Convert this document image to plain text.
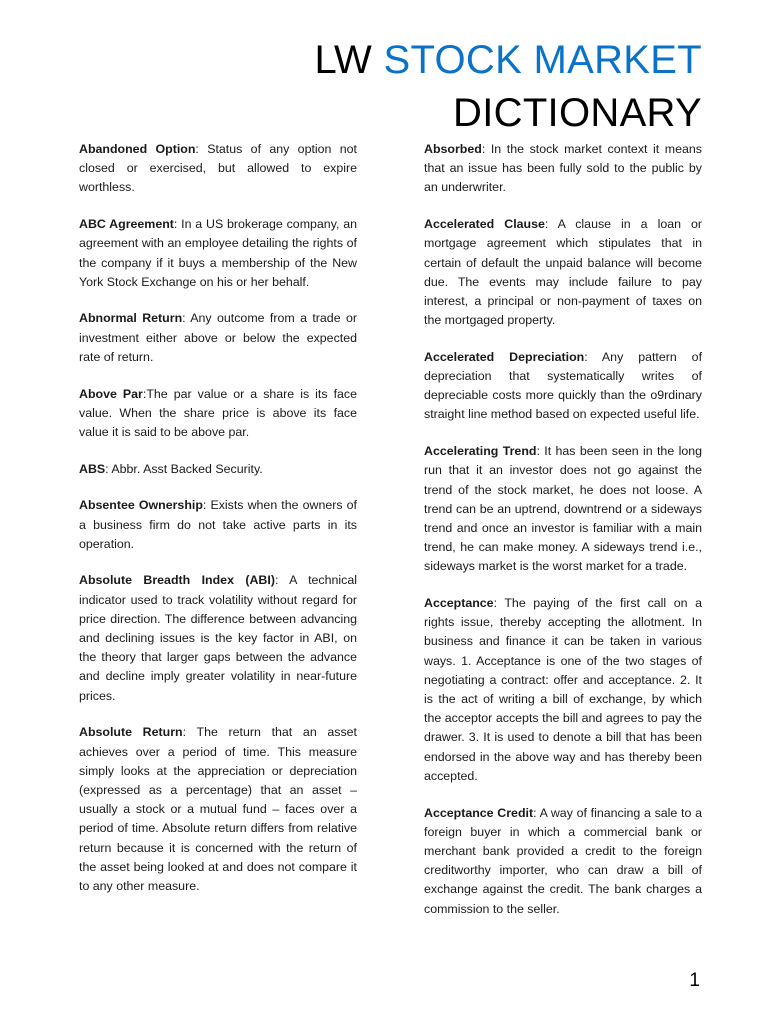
LW STOCK MARKET
DICTIONARY

Abandoned Option: Status of any option not closed or exercised, but allowed to expire worthless.

ABC Agreement: In a US brokerage company, an agreement with an employee detailing the rights of the company if it buys a membership of the New York Stock Exchange on his or her behalf.

Abnormal Return: Any outcome from a trade or investment either above or below the expected rate of return.

Above Par:The par value or a share is its face value. When the share price is above its face value it is said to be above par.

ABS: Abbr. Asst Backed Security.

Absentee Ownership: Exists when the owners of a business firm do not take active parts in its operation.

Absolute Breadth Index (ABI): A technical indicator used to track volatility without regard for price direction. The difference between advancing and declining issues is the key factor in ABI, on the theory that larger gaps between the advance and decline imply greater volatility in near-future prices.

Absolute Return: The return that an asset achieves over a period of time. This measure simply looks at the appreciation or depreciation (expressed as a percentage) that an asset – usually a stock or a mutual fund – faces over a period of time. Absolute return differs from relative return because it is concerned with the return of the asset being looked at and does not compare it to any other measure.

Absorbed: In the stock market context it means that an issue has been fully sold to the public by an underwriter.

Accelerated Clause: A clause in a loan or mortgage agreement which stipulates that in certain of default the unpaid balance will become due. The events may include failure to pay interest, a principal or non-payment of taxes on the mortgaged property.

Accelerated Depreciation: Any pattern of depreciation that systematically writes of depreciable costs more quickly than the o9rdinary straight line method based on expected useful life.

Accelerating Trend: It has been seen in the long run that it an investor does not go against the trend of the stock market, he does not loose. A trend can be an uptrend, downtrend or a sideways trend and once an investor is familiar with a main trend, he can make money. A sideways trend i.e., sideways market is the worst market for a trade.

Acceptance: The paying of the first call on a rights issue, thereby accepting the allotment. In business and finance it can be taken in various ways. 1. Acceptance is one of the two stages of negotiating a contract: offer and acceptance. 2. It is the act of writing a bill of exchange, by which the acceptor accepts the bill and agrees to pay the drawer. 3. It is used to denote a bill that has been endorsed in the above way and has thereby been accepted.

Acceptance Credit: A way of financing a sale to a foreign buyer in which a commercial bank or merchant bank provided a credit to the foreign creditworthy importer, who can draw a bill of exchange against the credit. The bank charges a commission to the seller.

1
